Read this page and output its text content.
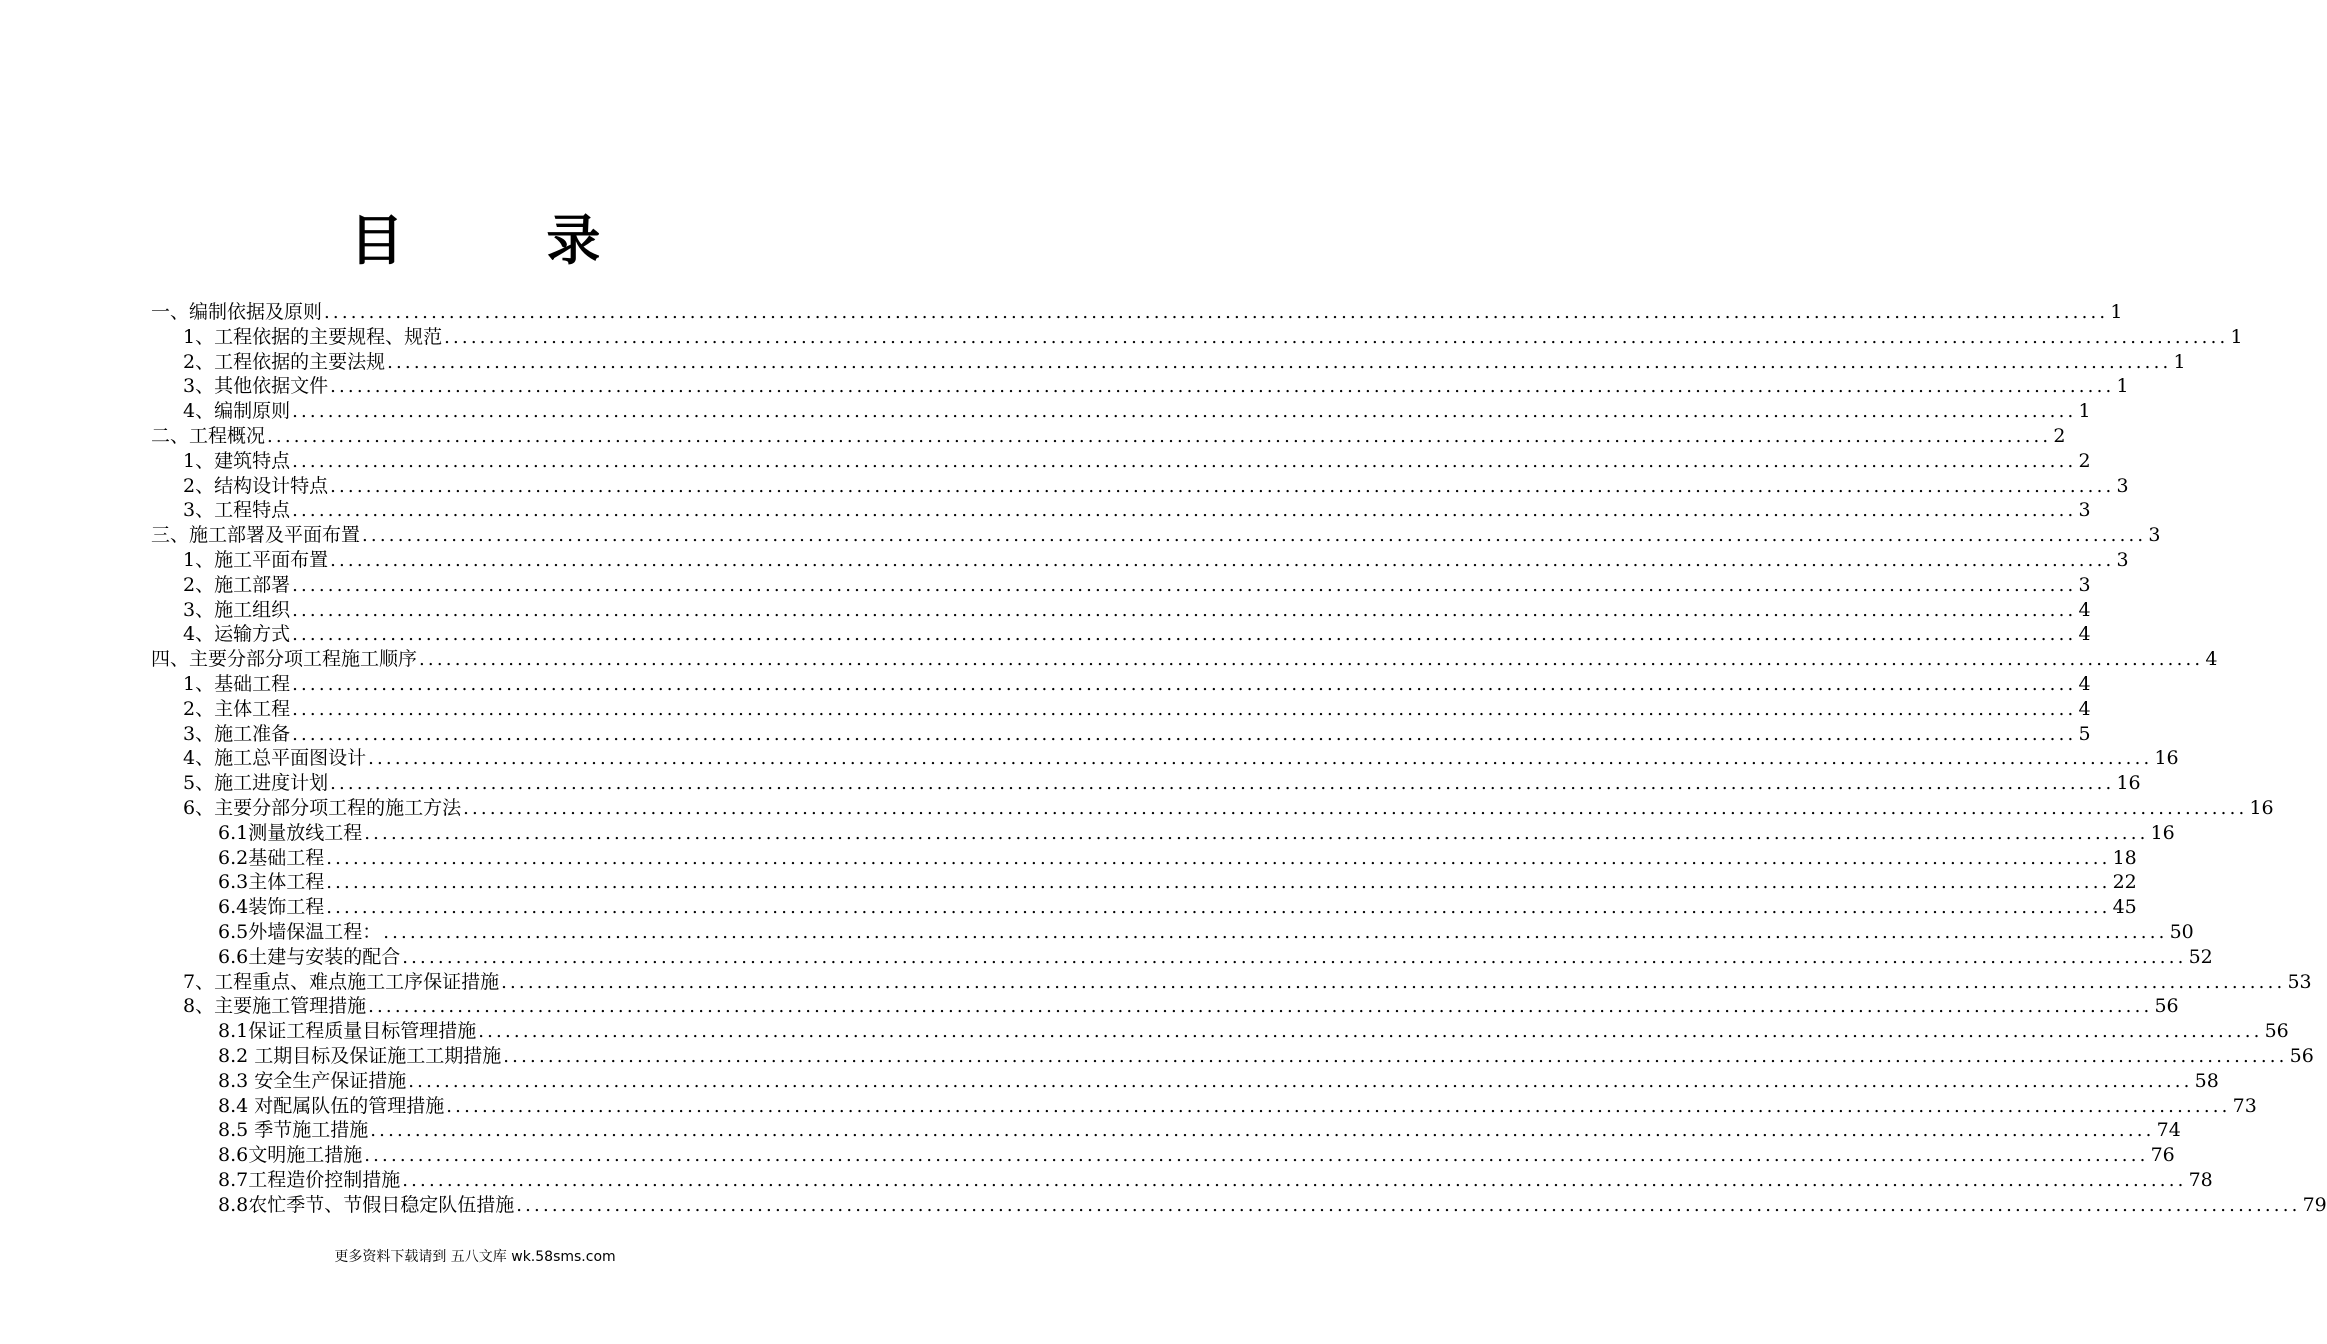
目 录
一、编制依据及原则 ........................................................................................................................................................................................................ 1
1、工程依据的主要规程、规范 ........................................................................................................................................................................................................ 1
2、工程依据的主要法规 ........................................................................................................................................................................................................ 1
3、其他依据文件 ........................................................................................................................................................................................................ 1
4、编制原则 ........................................................................................................................................................................................................ 1
二、工程概况 ........................................................................................................................................................................................................ 2
1、建筑特点 ........................................................................................................................................................................................................ 2
2、结构设计特点 ........................................................................................................................................................................................................ 3
3、工程特点 ........................................................................................................................................................................................................ 3
三、施工部署及平面布置 ........................................................................................................................................................................................................ 3
1、施工平面布置 ........................................................................................................................................................................................................ 3
2、施工部署 ........................................................................................................................................................................................................ 3
3、施工组织 ........................................................................................................................................................................................................ 4
4、运输方式 ........................................................................................................................................................................................................ 4
四、主要分部分项工程施工顺序 ........................................................................................................................................................................................................ 4
1、基础工程 ........................................................................................................................................................................................................ 4
2、主体工程 ........................................................................................................................................................................................................ 4
3、施工准备 ........................................................................................................................................................................................................ 5
4、施工总平面图设计 ........................................................................................................................................................................................................ 16
5、施工进度计划 ........................................................................................................................................................................................................ 16
6、主要分部分项工程的施工方法 ........................................................................................................................................................................................................ 16
6.1测量放线工程 ........................................................................................................................................................................................................ 16
6.2基础工程 ........................................................................................................................................................................................................ 18
6.3主体工程 ........................................................................................................................................................................................................ 22
6.4装饰工程 ........................................................................................................................................................................................................ 45
6.5外墙保温工程： ........................................................................................................................................................................................................ 50
6.6土建与安装的配合 ........................................................................................................................................................................................................ 52
7、工程重点、难点施工工序保证措施 ........................................................................................................................................................................................................ 53
8、主要施工管理措施 ........................................................................................................................................................................................................ 56
8.1保证工程质量目标管理措施 ........................................................................................................................................................................................................ 56
8.2 工期目标及保证施工工期措施 ........................................................................................................................................................................................................ 56
8.3 安全生产保证措施 ........................................................................................................................................................................................................ 58
8.4 对配属队伍的管理措施 ........................................................................................................................................................................................................ 73
8.5 季节施工措施 ........................................................................................................................................................................................................ 74
8.6文明施工措施 ........................................................................................................................................................................................................ 76
8.7工程造价控制措施 ........................................................................................................................................................................................................ 78
8.8农忙季节、节假日稳定队伍措施 ........................................................................................................................................................................................................ 79
更多资料下载请到 五八文库 wk.58sms.com
